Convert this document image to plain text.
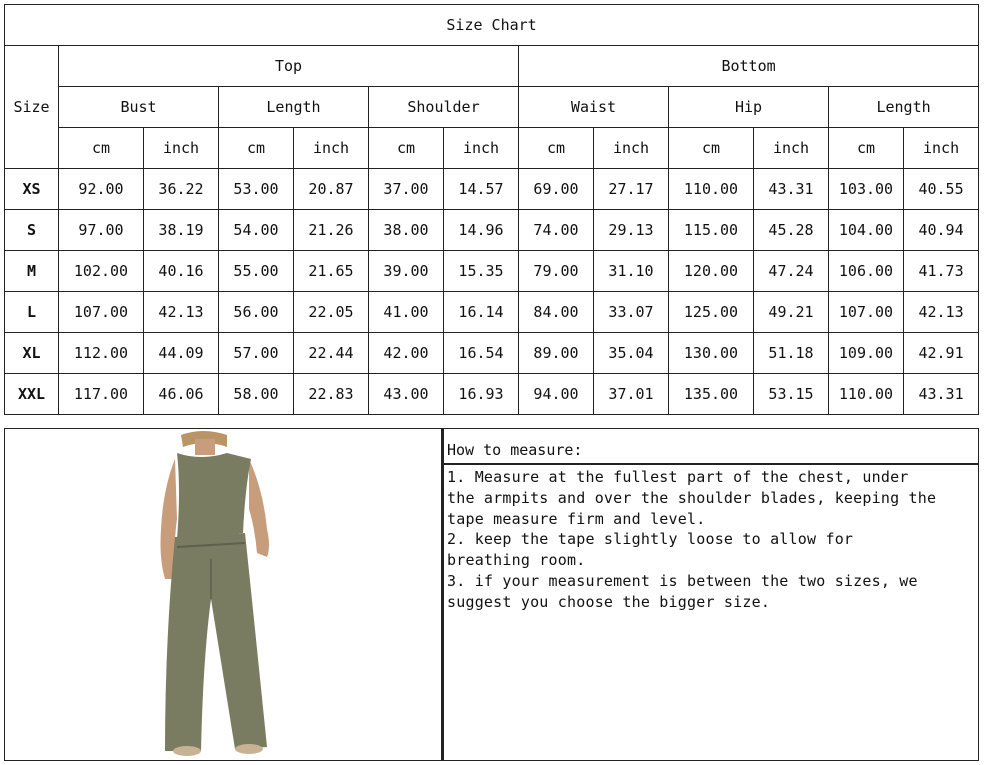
Size Chart												
Size	Top						Bottom					
	Bust		Length		Shoulder		Waist		Hip		Length	
	cm	inch	cm	inch	cm	inch	cm	inch	cm	inch	cm	inch
XS	92.00	36.22	53.00	20.87	37.00	14.57	69.00	27.17	110.00	43.31	103.00	40.55
S	97.00	38.19	54.00	21.26	38.00	14.96	74.00	29.13	115.00	45.28	104.00	40.94
M	102.00	40.16	55.00	21.65	39.00	15.35	79.00	31.10	120.00	47.24	106.00	41.73
L	107.00	42.13	56.00	22.05	41.00	16.14	84.00	33.07	125.00	49.21	107.00	42.13
XL	112.00	44.09	57.00	22.44	42.00	16.54	89.00	35.04	130.00	51.18	109.00	42.91
XXL	117.00	46.06	58.00	22.83	43.00	16.93	94.00	37.01	135.00	53.15	110.00	43.31
How to measure:

1. Measure at the fullest part of the chest, under

the armpits and over the shoulder blades, keeping the

tape measure firm and level.

2. keep the tape slightly loose to allow for

breathing room.

3. if your measurement is between the two sizes, we

suggest you choose the bigger size.
